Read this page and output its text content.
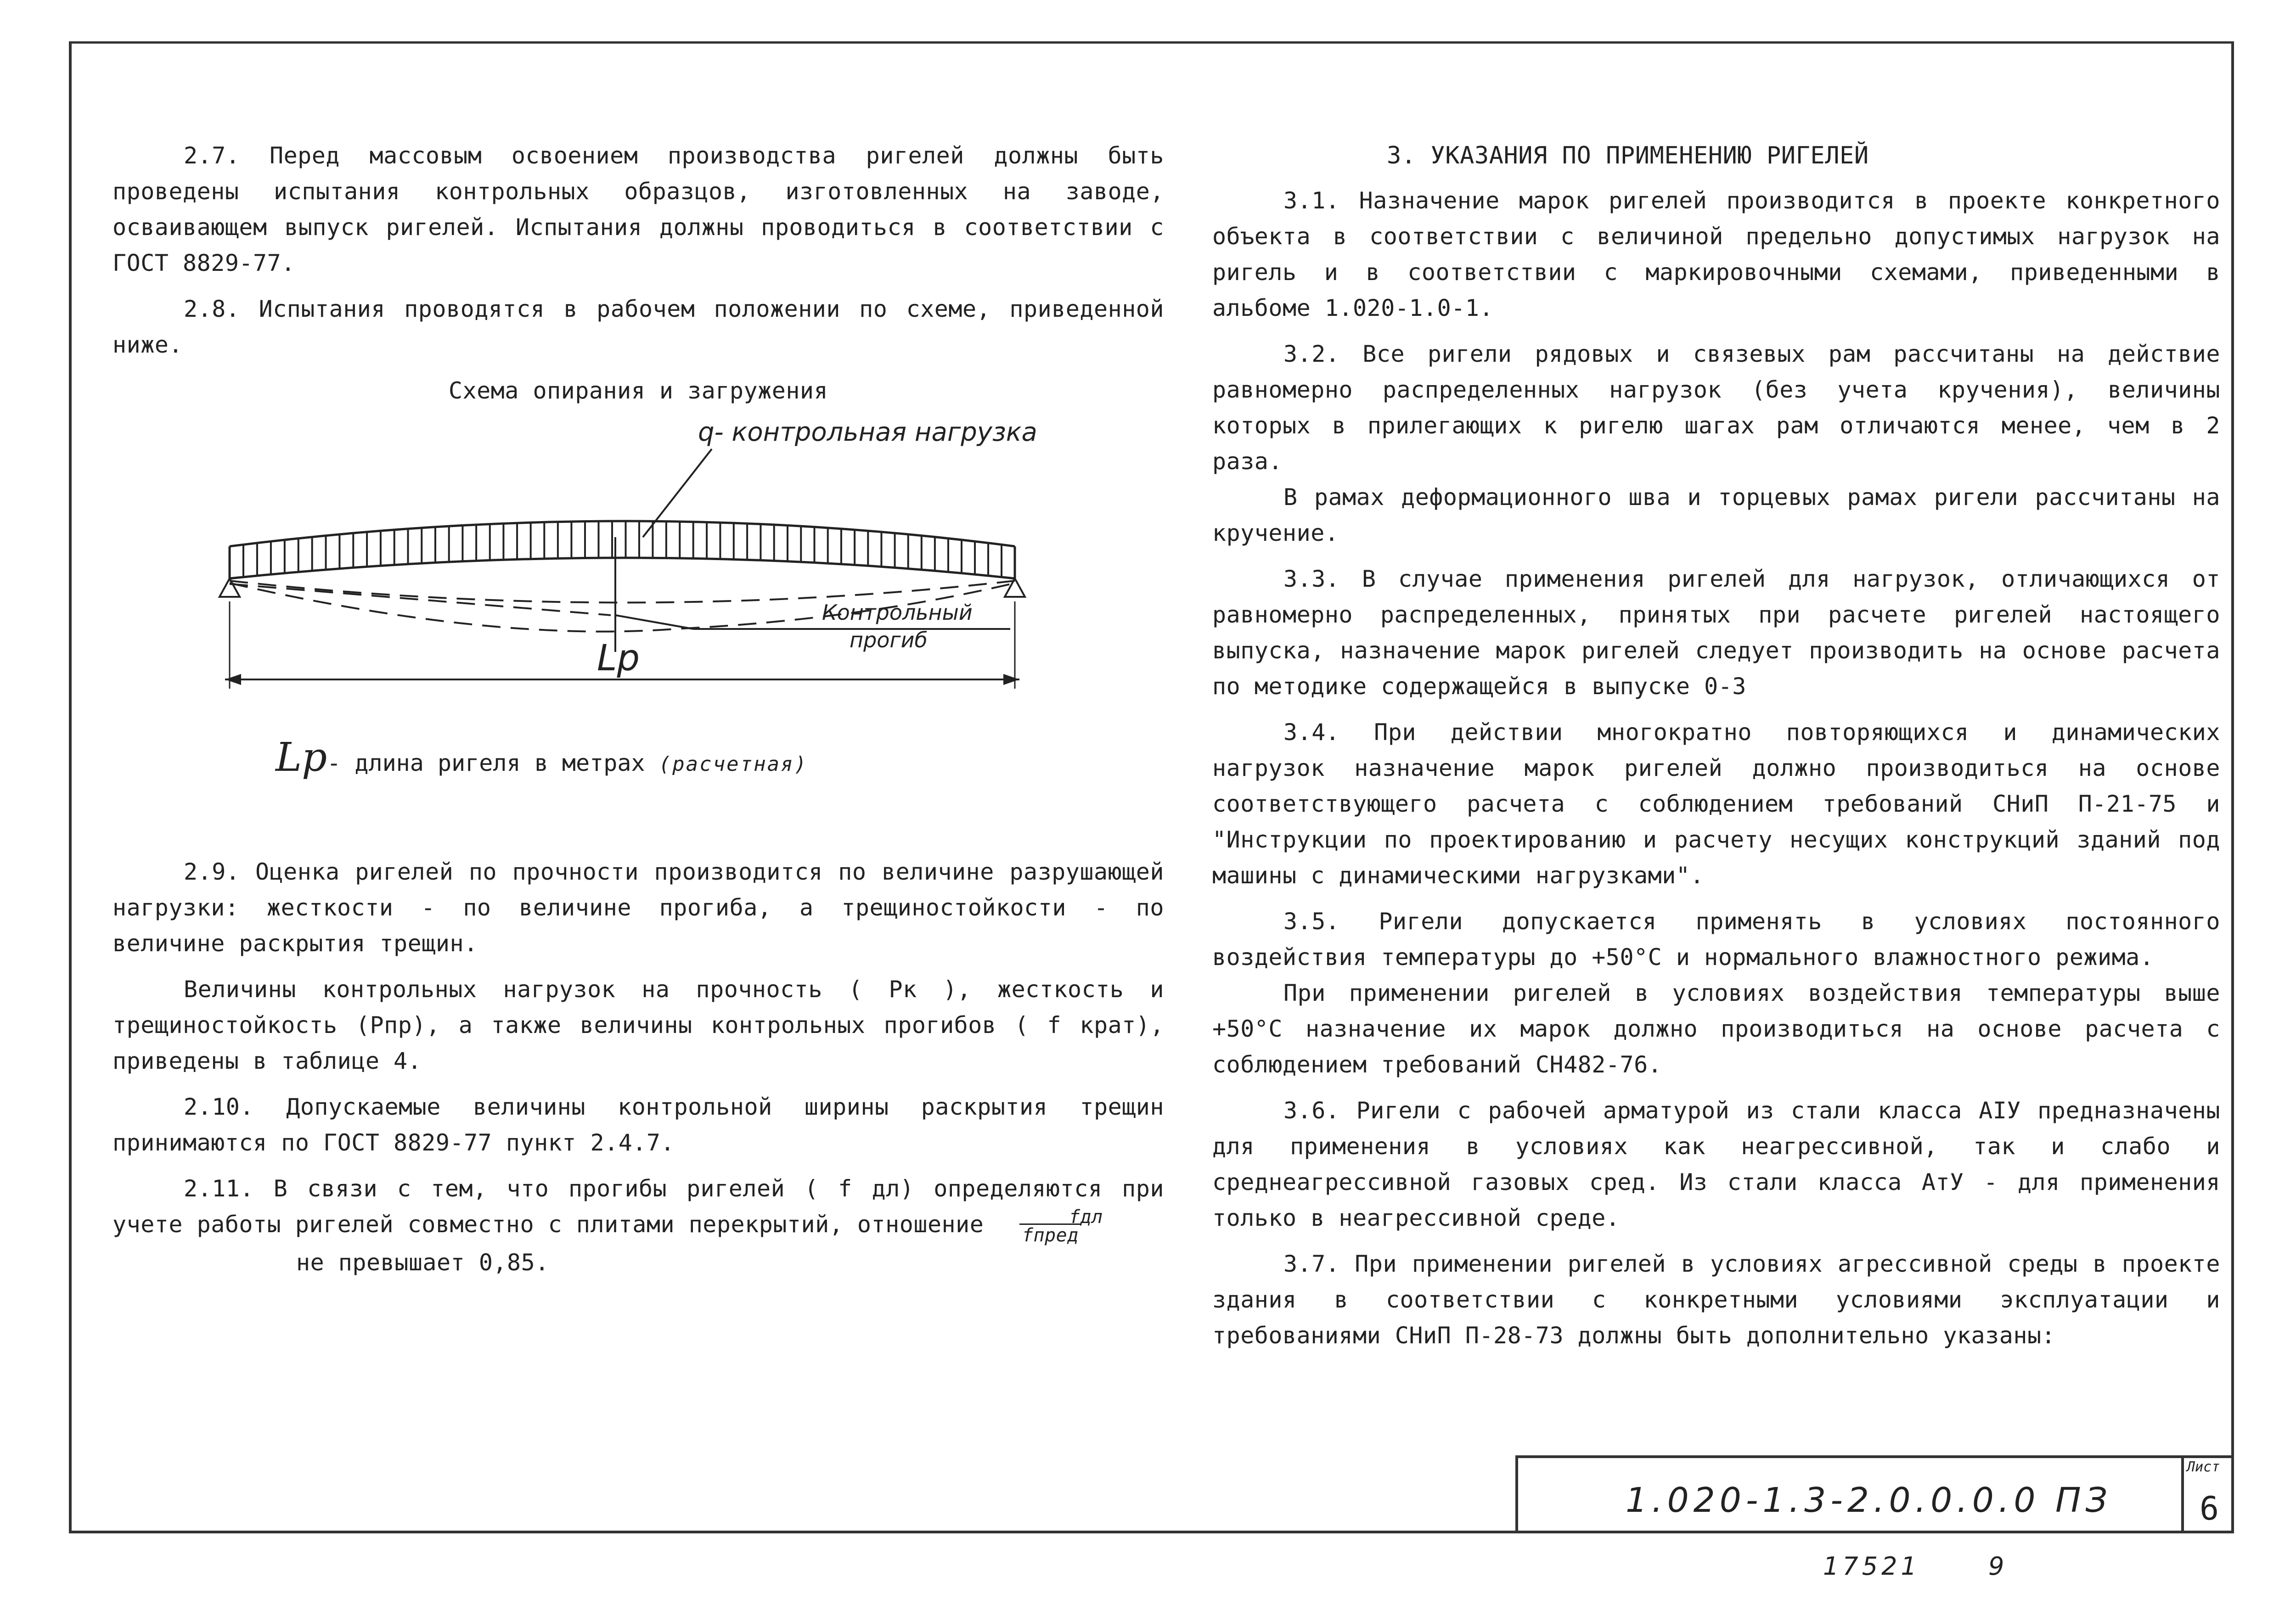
2.7. Перед массовым освоением производства ригелей должны быть проведены испытания контрольных образцов, изготовленных на заводе, осваивающем выпуск ригелей. Испытания должны проводиться в соответствии с ГОСТ 8829-77.

2.8. Испытания проводятся в рабочем положении по схеме, приведенной ниже.

Схема опирания и загружения
q- контрольная нагрузка
Контрольный
прогиб
Lp
Lp- длина ригеля в метрах (расчетная)

2.9. Оценка ригелей по прочности производится по величине разрушающей нагрузки: жесткости - по величине прогиба, а трещиностойкости - по величине раскрытия трещин.

Величины контрольных нагрузок на прочность ( Рк ), жесткость и трещиностойкость (Рпр), а также величины контрольных прогибов ( f крат), приведены в таблице 4.

2.10. Допускаемые величины контрольной ширины раскрытия трещин принимаются по ГОСТ 8829-77 пункт 2.4.7.

2.11. В связи с тем, что прогибы ригелей ( f дл) определяются при учете работы ригелей совместно с плитами перекрытий, отношение	fдл
fпред

не превышает 0,85.
3. УКАЗАНИЯ ПО ПРИМЕНЕНИЮ РИГЕЛЕЙ

3.1. Назначение марок ригелей производится в проекте конкретного объекта в соответствии с величиной предельно допустимых нагрузок на ригель и в соответствии с маркировочными схемами, приведенными в альбоме 1.020-1.0-1.

3.2. Все ригели рядовых и связевых рам рассчитаны на действие равномерно распределенных нагрузок (без учета кручения), величины которых в прилегающих к ригелю шагах рам отличаются менее, чем в 2 раза.

В рамах деформационного шва и торцевых рамах ригели рассчитаны на кручение.

3.3. В случае применения ригелей для нагрузок, отличающихся от равномерно распределенных, принятых при расчете ригелей настоящего выпуска, назначение марок ригелей следует производить на основе расчета по методике содержащейся в выпуске 0-3

3.4. При действии многократно повторяющихся и динамических нагрузок назначение марок ригелей должно производиться на основе соответствующего расчета с соблюдением требований СНиП П-21-75 и "Инструкции по проектированию и расчету несущих конструкций зданий под машины с динамическими нагрузками".

3.5. Ригели допускается применять в условиях постоянного воздействия температуры до +50°С и нормального влажностного режима.

При применении ригелей в условиях воздействия температуры выше +50°С назначение их марок должно производиться на основе расчета с соблюдением требований СН482-76.

3.6. Ригели с рабочей арматурой из стали класса АIУ предназначены для применения в условиях как неагрессивной, так и слабо и среднеагрессивной газовых сред. Из стали класса АтУ - для применения только в неагрессивной среде.

3.7. При применении ригелей в условиях агрессивной среды в проекте здания в соответствии с конкретными условиями эксплуатации и требованиями СНиП П-28-73 должны быть дополнительно указаны:

1.020-1.3-2.0.0.0.0 ПЗ
Лист
6
17521	9
